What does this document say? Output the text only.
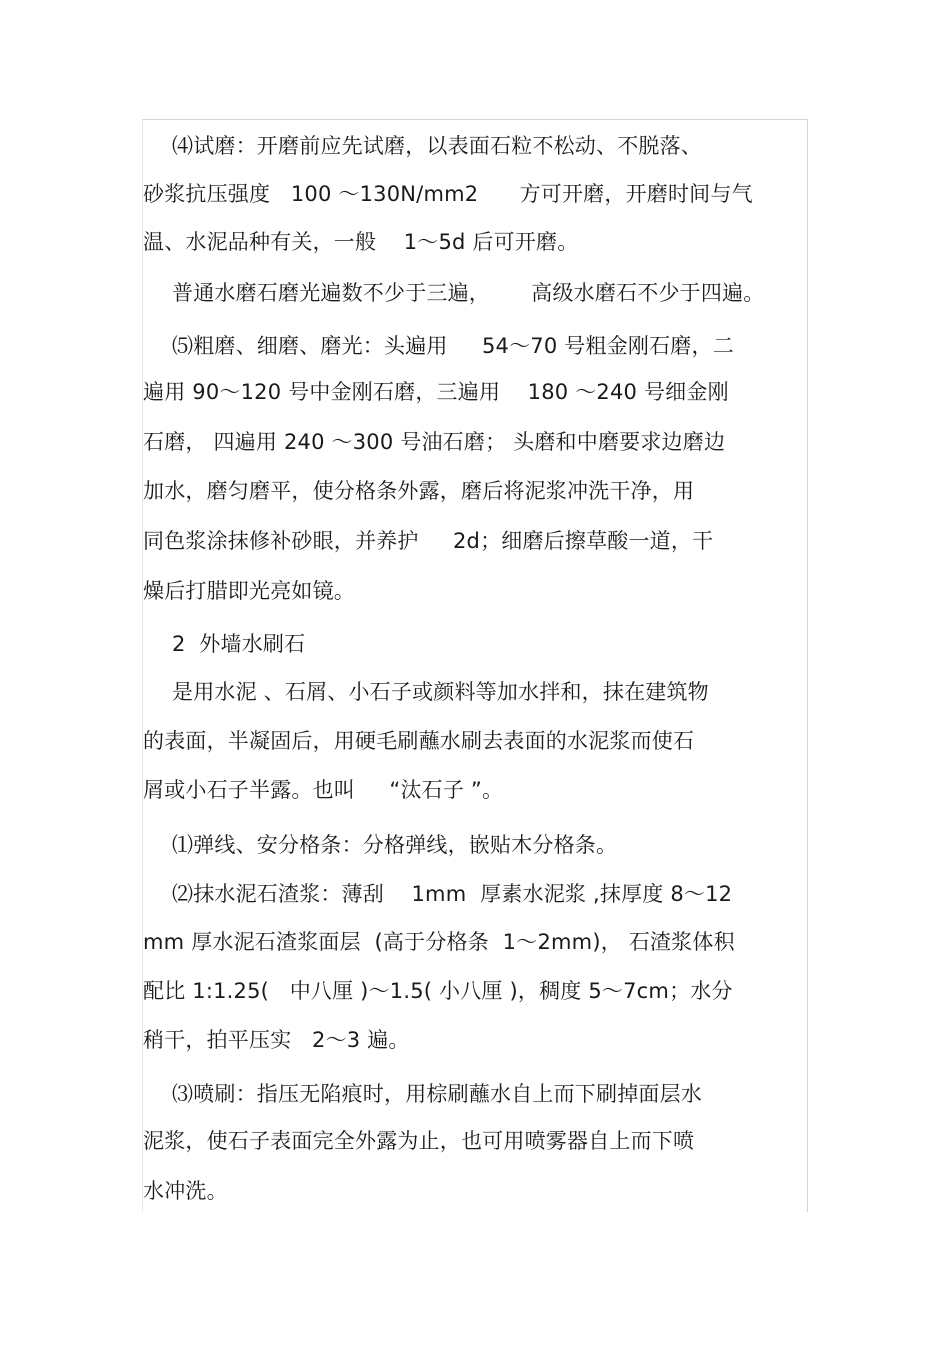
⑷试磨：开磨前应先试磨，以表面石粒不松动、不脱落、
砂浆抗压强度   100 ～130N/mm2      方可开磨，开磨时间与气
温、水泥品种有关，一般    1～5d 后可开磨。
普通水磨石磨光遍数不少于三遍，      高级水磨石不少于四遍。
⑸粗磨、细磨、磨光：头遍用     54～70 号粗金刚石磨，二
遍用 90～120 号中金刚石磨，三遍用    180 ～240 号细金刚
石磨， 四遍用 240 ～300 号油石磨； 头磨和中磨要求边磨边
加水，磨匀磨平，使分格条外露，磨后将泥浆冲洗干净，用
同色浆涂抹修补砂眼，并养护     2d；细磨后擦草酸一道，干
燥后打腊即光亮如镜。
2  外墙水刷石
是用水泥 、石屑、小石子或颜料等加水拌和，抹在建筑物
的表面，半凝固后，用硬毛刷蘸水刷去表面的水泥浆而使石
屑或小石子半露。也叫     “汰石子 ”。
⑴弹线、安分格条：分格弹线，嵌贴木分格条。
⑵抹水泥石渣浆：薄刮    1mm  厚素水泥浆 ,抹厚度 8～12
mm 厚水泥石渣浆面层  (高于分格条  1～2mm)， 石渣浆体积
配比 1:1.25(   中八厘 )～1.5( 小八厘 )，稠度 5～7cm；水分
稍干，拍平压实   2～3 遍。
⑶喷刷：指压无陷痕时，用棕刷蘸水自上而下刷掉面层水
泥浆，使石子表面完全外露为止，也可用喷雾器自上而下喷
水冲洗。
